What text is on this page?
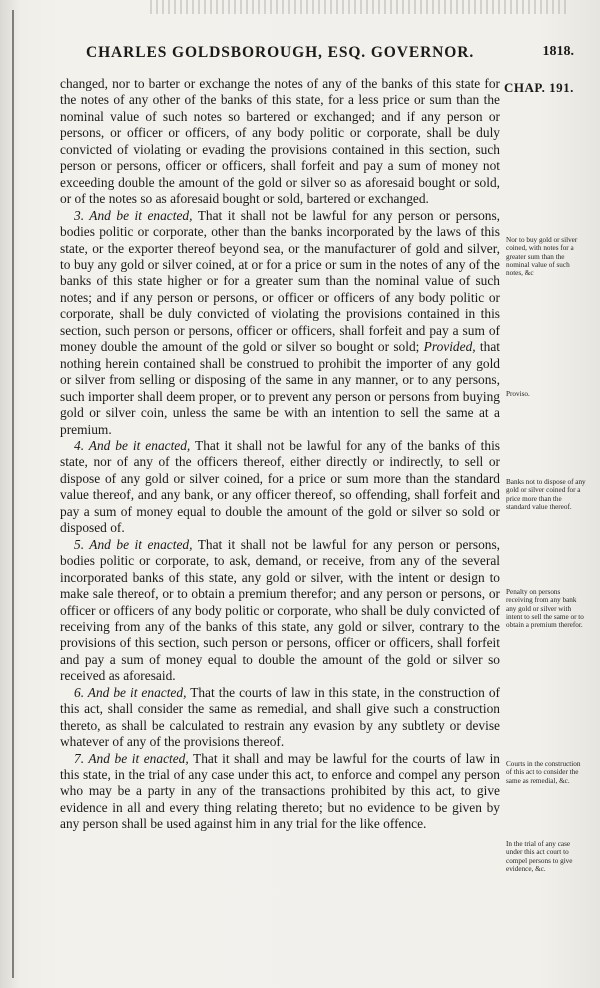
CHARLES GOLDSBOROUGH, ESQ. GOVERNOR.	1818.
CHAP. 191.

changed, nor to barter or exchange the notes of any of the banks of this state for the notes of any other of the banks of this state, for a less price or sum than the nominal value of such notes so bartered or exchanged; and if any person or persons, or officer or officers, of any body politic or corporate, shall be duly convicted of violating or evading the provisions contained in this section, such person or persons, officer or officers, shall forfeit and pay a sum of money not exceeding double the amount of the gold or silver so as aforesaid bought or sold, or of the notes so as aforesaid bought or sold, bartered or exchanged.

3. And be it enacted, That it shall not be lawful for any person or persons, bodies politic or corporate, other than the banks incorporated by the laws of this state, or the exporter thereof beyond sea, or the manufacturer of gold and silver, to buy any gold or silver coined, at or for a price or sum in the notes of any of the banks of this state higher or for a greater sum than the nominal value of such notes; and if any person or persons, or officer or officers of any body politic or corporate, shall be duly convicted of violating the provisions contained in this section, such person or persons, officer or officers, shall forfeit and pay a sum of money double the amount of the gold or silver so bought or sold; Provided, that nothing herein contained shall be construed to prohibit the importer of any gold or silver from selling or disposing of the same in any manner, or to any persons, such importer shall deem proper, or to prevent any person or persons from buying gold or silver coin, unless the same be with an intention to sell the same at a premium.

4. And be it enacted, That it shall not be lawful for any of the banks of this state, nor of any of the officers thereof, either directly or indirectly, to sell or dispose of any gold or silver coined, for a price or sum more than the standard value thereof, and any bank, or any officer thereof, so offending, shall forfeit and pay a sum of money equal to double the amount of the gold or silver so sold or disposed of.

5. And be it enacted, That it shall not be lawful for any person or persons, bodies politic or corporate, to ask, demand, or receive, from any of the several incorporated banks of this state, any gold or silver, with the intent or design to make sale thereof, or to obtain a premium therefor; and any person or persons, or officer or officers of any body politic or corporate, who shall be duly convicted of receiving from any of the banks of this state, any gold or silver, contrary to the provisions of this section, such person or persons, officer or officers, shall forfeit and pay a sum of money equal to double the amount of the gold or silver so received as aforesaid.

6. And be it enacted, That the courts of law in this state, in the construction of this act, shall consider the same as remedial, and shall give such a construction thereto, as shall be calculated to restrain any evasion by any subtlety or devise whatever of any of the provisions thereof.

7. And be it enacted, That it shall and may be lawful for the courts of law in this state, in the trial of any case under this act, to enforce and compel any person who may be a party in any of the transactions prohibited by this act, to give evidence in all and every thing relating thereto; but no evidence to be given by any person shall be used against him in any trial for the like offence.

Nor to buy gold or silver coined, with notes for a greater sum than the nominal value of such notes, &c
Proviso.
Banks not to dispose of any gold or silver coined for a price more than the standard value thereof.
Penalty on persons receiving from any bank any gold or silver with intent to sell the same or to obtain a premium therefor.
Courts in the construction of this act to consider the same as remedial, &c.
In the trial of any case under this act court to compel persons to give evidence, &c.
